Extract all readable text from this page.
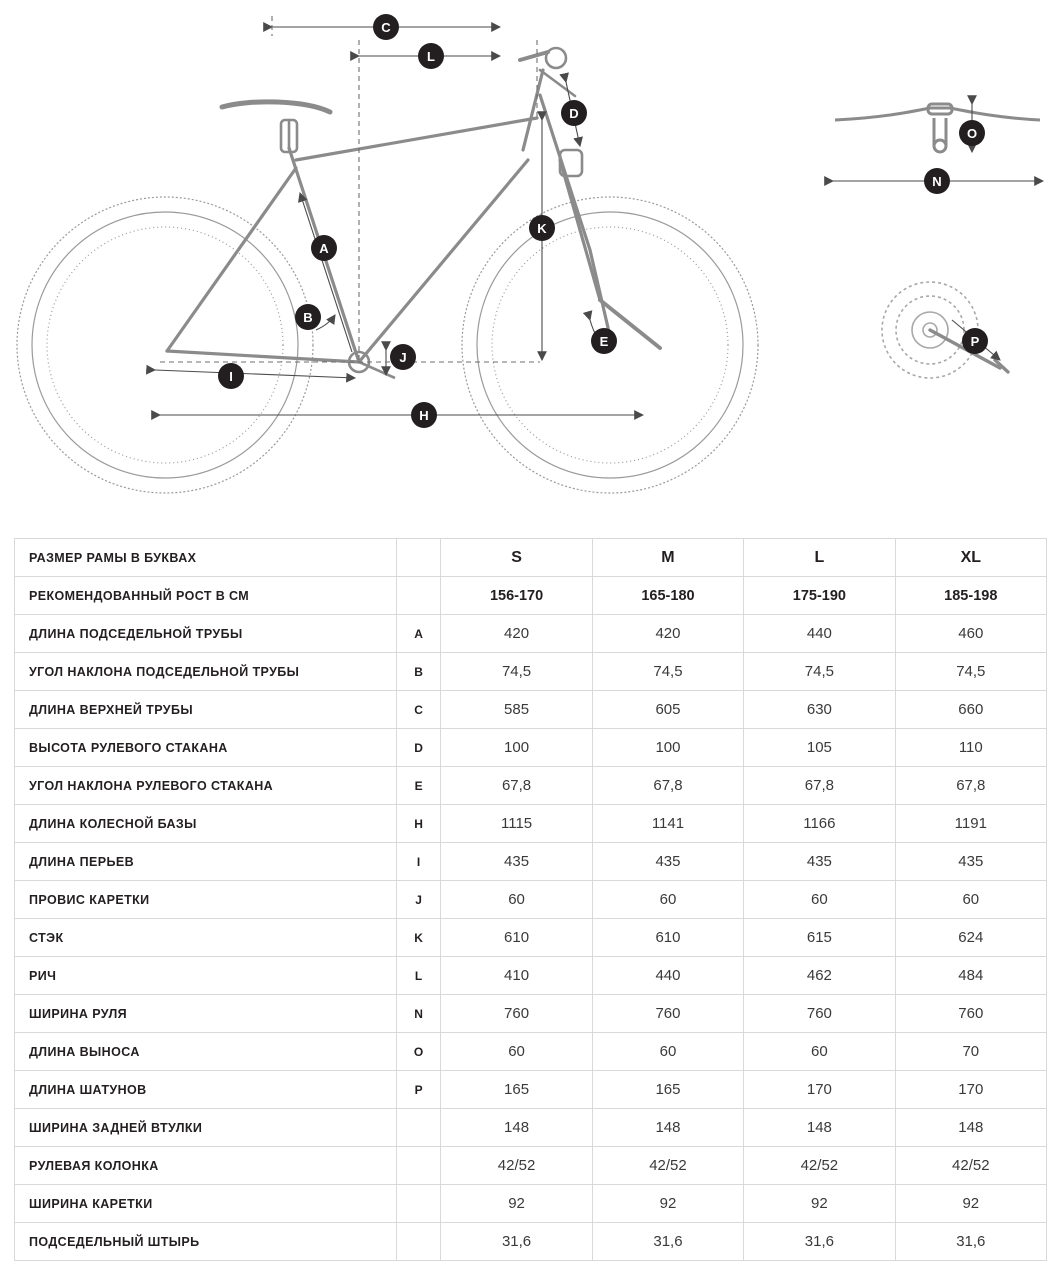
A
B
C
D
E
H
I
J
K
L
N
O
P
РАЗМЕР РАМЫ В БУКВАХ		S	M	L	XL
РЕКОМЕНДОВАННЫЙ РОСТ В СМ		156-170	165-180	175-190	185-198
ДЛИНА ПОДСЕДЕЛЬНОЙ ТРУБЫ	A	420	420	440	460
УГОЛ НАКЛОНА ПОДСЕДЕЛЬНОЙ ТРУБЫ	B	74,5	74,5	74,5	74,5
ДЛИНА ВЕРХНЕЙ ТРУБЫ	C	585	605	630	660
ВЫСОТА РУЛЕВОГО СТАКАНА	D	100	100	105	110
УГОЛ НАКЛОНА РУЛЕВОГО СТАКАНА	E	67,8	67,8	67,8	67,8
ДЛИНА КОЛЕСНОЙ БАЗЫ	H	1115	1141	1166	1191
ДЛИНА ПЕРЬЕВ	I	435	435	435	435
ПРОВИС КАРЕТКИ	J	60	60	60	60
СТЭК	K	610	610	615	624
РИЧ	L	410	440	462	484
ШИРИНА РУЛЯ	N	760	760	760	760
ДЛИНА ВЫНОСА	O	60	60	60	70
ДЛИНА ШАТУНОВ	P	165	165	170	170
ШИРИНА ЗАДНЕЙ ВТУЛКИ		148	148	148	148
РУЛЕВАЯ КОЛОНКА		42/52	42/52	42/52	42/52
ШИРИНА КАРЕТКИ		92	92	92	92
ПОДСЕДЕЛЬНЫЙ ШТЫРЬ		31,6	31,6	31,6	31,6
